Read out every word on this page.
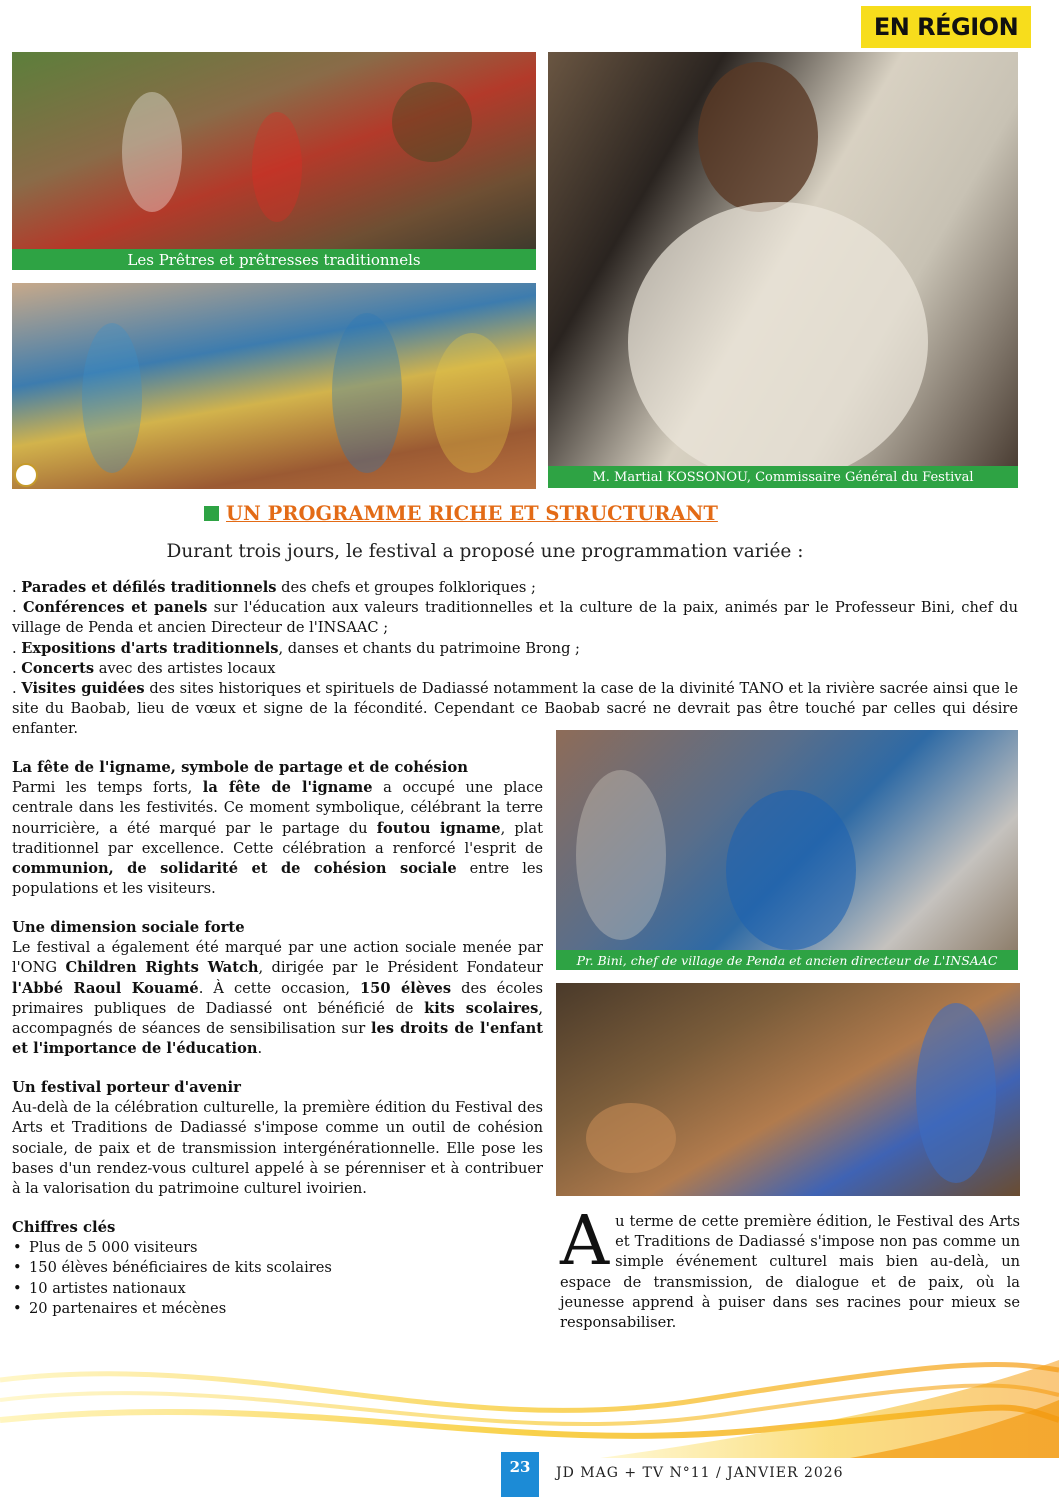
EN RÉGION
Les Prêtres et prêtresses traditionnels
M. Martial KOSSONOU, Commissaire Général du Festival
UN PROGRAMME RICHE ET STRUCTURANT
Durant trois jours, le festival a proposé une programmation variée :

. Parades et défilés traditionnels des chefs et groupes folkloriques ;

. Conférences et panels sur l'éducation aux valeurs traditionnelles et la culture de la paix, animés par le Professeur Bini, chef du village de Penda et ancien Directeur de l'INSAAC ;

. Expositions d'arts traditionnels, danses et chants du patrimoine Brong ;

. Concerts avec des artistes locaux

. Visites guidées des sites historiques et spirituels de Dadiassé notamment la case de la divinité TANO et la rivière sacrée ainsi que le site du Baobab, lieu de vœux et signe de la fécondité. Cependant ce Baobab sacré ne devrait pas être touché par celles qui désire enfanter.

La fête de l'igname, symbole de partage et de cohésion

Parmi les temps forts, la fête de l'igname a occupé une place centrale dans les festivités. Ce moment symbolique, célébrant la terre nourricière, a été marqué par le partage du foutou igname, plat traditionnel par excellence. Cette célébration a renforcé l'esprit de communion, de solidarité et de cohésion sociale entre les populations et les visiteurs.

Une dimension sociale forte

Le festival a également été marqué par une action sociale menée par l'ONG Children Rights Watch, dirigée par le Président Fondateur l'Abbé Raoul Kouamé. À cette occasion, 150 élèves des écoles primaires publiques de Dadiassé ont bénéficié de kits scolaires, accompagnés de séances de sensibilisation sur les droits de l'enfant et l'importance de l'éducation.

Un festival porteur d'avenir

Au-delà de la célébration culturelle, la première édition du Festival des Arts et Traditions de Dadiassé s'impose comme un outil de cohésion sociale, de paix et de transmission intergénérationnelle. Elle pose les bases d'un rendez-vous culturel appelé à se pérenniser et à contribuer à la valorisation du patrimoine culturel ivoirien.

Chiffres clés
• Plus de 5 000 visiteurs
• 150 élèves bénéficiaires de kits scolaires
• 10 artistes nationaux
• 20 partenaires et mécènes
Pr. Bini, chef de village de Penda et ancien directeur de L'INSAAC
A u terme de cette première édition, le Festival des Arts et Traditions de Dadiassé s'impose non pas comme un simple événement culturel mais bien au-delà, un espace de transmission, de dialogue et de paix, où la jeunesse apprend à puiser dans ses racines pour mieux se responsabiliser.
23	JD MAG + TV N°11 / JANVIER 2026
